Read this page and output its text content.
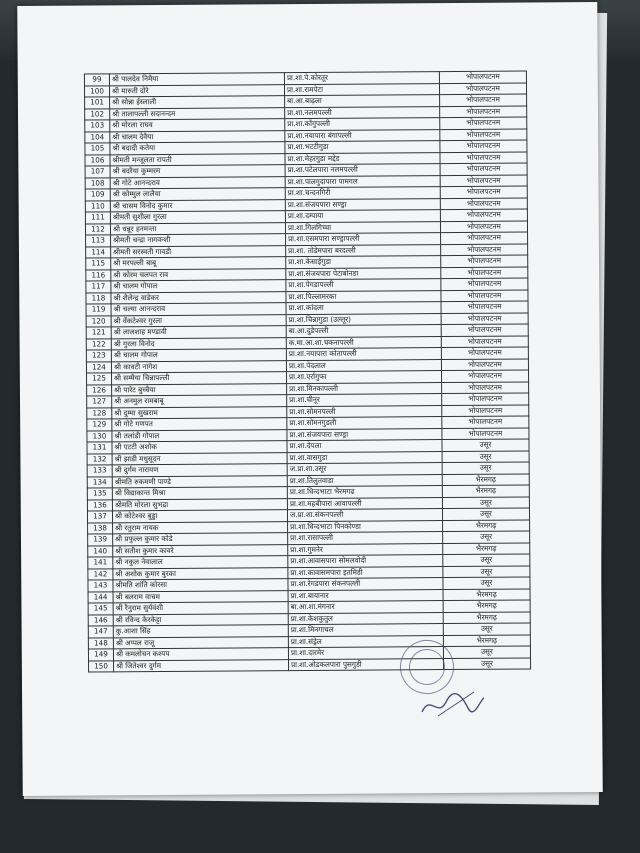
99	श्री पालदेव निमैया	प्रा.शा.पे.कोरतूर	भोपालपटनम
100	श्री मारुती दोरे	प्रा.शा.रामपेटा	भोपालपटनम
101	श्री सोन्ना ईस्लाली	बा.आ.बाढ़ला	भोपालपटनम
102	श्री तालापल्ली सदानन्दम	प्रा.शा.नलमपल्ली	भोपालपटनम
103	श्री मोरला राघव	प्रा.शा.कोंगुपल्ली	भोपालपटनम
104	श्री चालम देवैया	प्रा.शा.नयापारा बंगापल्ली	भोपालपटनम
105	श्री बदादी कतेया	प्रा.शा.भटटीगुडा	भोपालपटनम
106	श्रीमती मन्जूलता रापती	प्रा.शा.मेहरगुडा मद्देड	भोपालपटनम
107	श्री बदरैया कुम्मरम	प्रा.शा.पटेलपारा नलमपल्ली	भोपालपटनम
108	श्री गोटे आनन्दराव	प्रा.शा.पालगुदापारा पामगल	भोपालपटनम
109	श्री कोम्मुल लालैया	प्रा.शा.चन्दनगिरी	भोपालपटनम
110	श्री चासम विनोद कुमार	प्रा.शा.संजयपारा सण्ड्रा	भोपालपटनम
111	श्रीमती सुशीला गुरला	प्रा.शा.दम्पाया	भोपालपटनम
112	श्री धन्नूर हनमन्ता	प्रा.शा.गिलगिच्चा	भोपालपटनम
113	श्रीमती चन्द्रा नागवन्शी	प्रा.शा.एसमपारा सण्ड्रापल्ली	भोपालपटनम
114	श्रीमती सरस्वती गावडी	प्रा.शा. तोडेमपारा बरदल्ली	भोपालपटनम
115	श्री मरपल्ली बाबू	प्रा.शा.केसाईगुडा	भोपालपटनम
116	श्री कोरम चलपत राव	प्रा.शा.संजयपारा पेटाबोनडा	भोपालपटनम
117	श्री चालम गोपाल	प्रा.शा.पेगडापल्ली	भोपालपटनम
118	श्री शैलेन्द्र वाडेकर	प्रा.शा.पिल्लामरका	भोपालपटनम
119	श्री चल्या आनन्दराव	प्रा.शा.कांदला	भोपालपटनम
120	श्री वेंकटेश्वर गुरला	प्रा.शा.चिन्नागुडा (उल्लूर)	भोपालपटनम
121	श्री लालशाह मण्डावी	बा.आ.दुडेपल्ली	भोपालपटनम
122	श्री गुरला विनोद	क.मा.आ.शा.चकनापल्ली	भोपालपटनम
123	श्री चालम गोपाल	प्रा.शा.नयापारा कोतापल्ली	भोपालपटनम
124	श्री कावटी नागेश	प्रा.शा.पेदलाल	भोपालपटनम
125	श्री सम्मैया चिन्नापल्ली	प्रा.शा.एर्रागुफा	भोपालपटनम
126	श्री पारेट बुच्चैया	प्रा.शा.मिनकापल्ली	भोपालपटनम
127	श्री अनमुल रामबाबू	प्रा.शा.चीनूर	भोपालपटनम
128	श्री दुम्मा सुखराम	प्रा.शा.सोमनपल्ली	भोपालपटनम
129	श्री गोटे गणपत	प्रा.शा.सोमनगुडली	भोपालपटनम
130	श्री तलांडी गोपाल	प्रा.शा.संजयपारा सण्ड्रा	भोपालपटनम
131	श्री एटटी अशोक	प्रा.शा.देपला	उसूर
132	श्री झाडी मधुसूदन	प्रा.शा.वासगुडा	उसूर
133	श्री दुर्गम नारायण	ज.प्रा.शा.उसूर	उसूर
134	श्रीमति रुकमणी पाण्डे	प्रा.शा.तिलुतवाडा	भैरमगढ़
135	श्री विद्याकान्त मिश्रा	प्रा.शा.धिन्दभाटा भैरमगढ	भैरमगढ़
136	श्रीमति मोरला सुभद्रा	प्रा.शा.महबीपारा आवापल्ली	उसूर
137	श्री कोटेश्वर बुड्डा	ज.प्रा.शा.संकनपल्ली	उसूर
138	श्री रतुराम नायक	प्रा.शा.धिन्दभाटा पिनकोण्डा	भैरमगढ़
139	श्री प्रफुल्ल कुमार कोडे	प्रा.शा.रासापल्ली	उसूर
140	श्री सतीश कुमार कावरे	प्रा.शा.गुमनेर	भैरमगढ़
141	श्री नकुल नेवालाल	प्रा.शा.आवासपारा सोमलवोदी	उसूर
142	श्री अशोक कुमार बुरका	प्रा.शा.कावासमपारा इतमिडी	उसूर
143	श्रीमति शांति कोरसा	प्रा.शा.रेगडपारा संकनपल्ली	उसूर
144	श्री बलराम वाचम	प्रा.शा.बायानार	भैरमगढ़
145	श्री रैनुराम सुर्यवंशी	बा.आ.शा.मंगनार	भैरमगढ़
146	श्री रविन्द केरकेट्टा	प्रा.शा.केशकुतुल	भैरमगढ़
147	कु.आशा सिंह	प्रा.शा.मिनगाचल	उसूर
148	श्री अप्पल राजू	प्रा.शा.संड्रेल	भैरमगढ़
149	श्री कमलोचन कश्यप	प्रा.शा.दारमेर	उसूर
150	श्री जितेश्वर दुर्गम	प्रा.शा.ओडकलपारा पुसगुडी	उसूर
